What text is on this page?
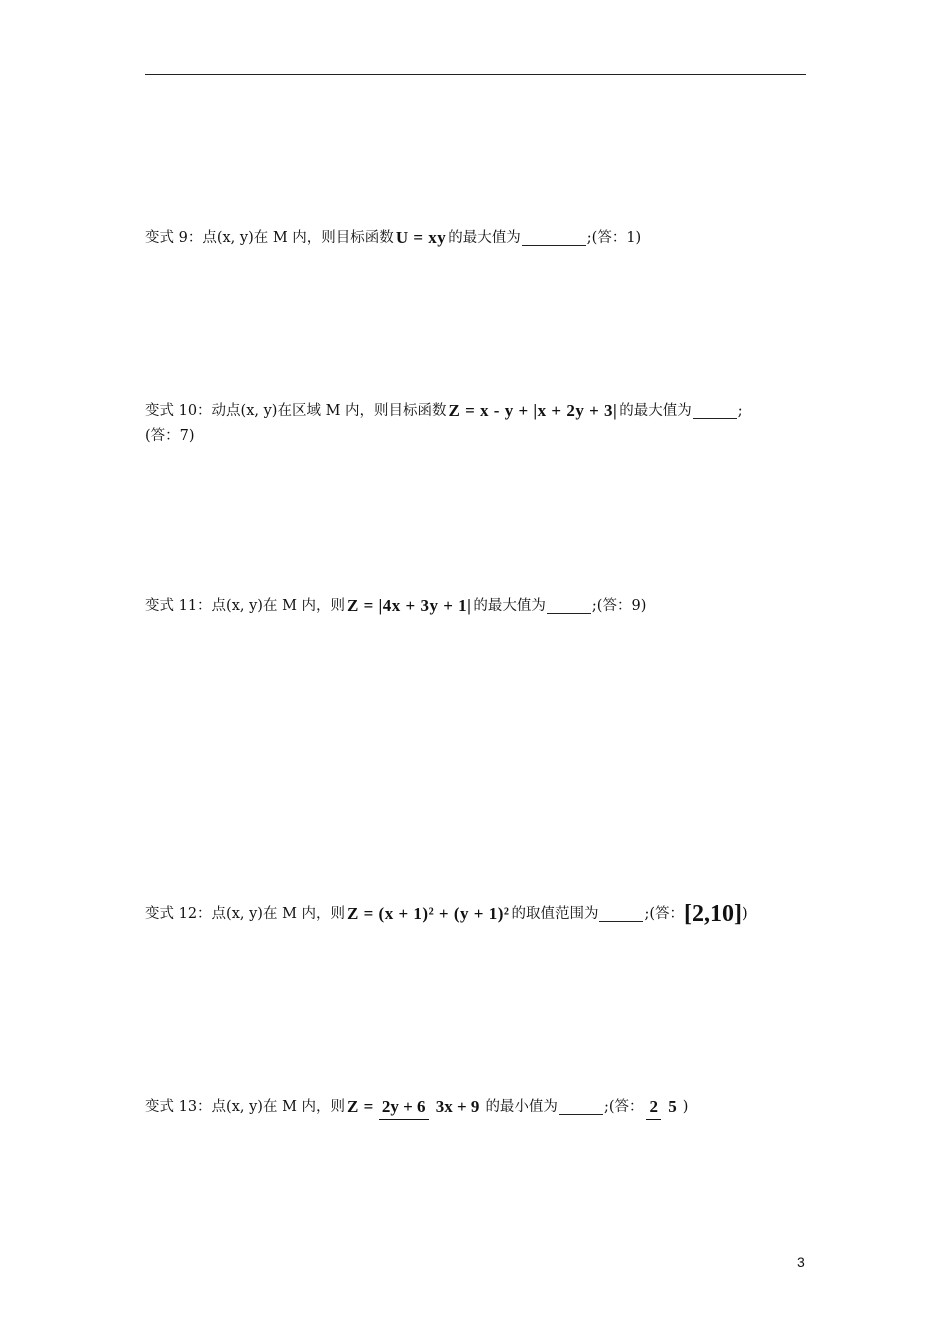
变式 9：点(x, y)在 M 内，则目标函数 U = xy 的最大值为	;(答：1)
变式 10：动点(x, y)在区域 M 内，则目标函数 Z = x - y + |x + 2y + 3| 的最大值为	;
(答：7)
变式 11：点(x, y)在 M 内，则 Z = |4x + 3y + 1| 的最大值为	;(答：9)
变式 12：点(x, y)在 M 内，则 Z = (x + 1)² + (y + 1)² 的取值范围为	;(答： [2,10] )
变式 13：点(x, y)在 M 内，则 Z = 2y + 6 3x + 9 的最小值为	;(答： 2 5 )
3
